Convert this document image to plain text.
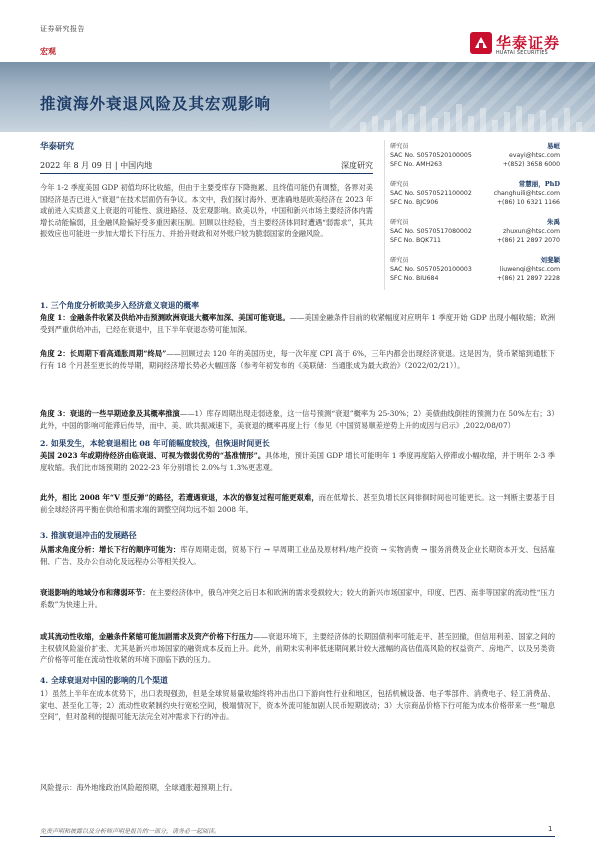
证券研究报告
华泰证券
HUATAI SECURITIES
宏观
推演海外衰退风险及其宏观影响
华泰研究
2022 年 8 月 09 日 | 中国内地	深度研究
今年 1-2 季度美国 GDP 初值均环比收缩，但由于主要受库存下降拖累、且终值可能仍有调整，各界对美国经济是否已进入“衰退”在技术层面仍有争议。本文中，我们探讨海外、更准确地是欧美经济在 2023 年或前进入实质意义上衰退的可能性、演进路径、及宏观影响。欧美以外，中国和新兴市场主要经济体内需增长动能偏弱，且金融风险偏好受多重因素压制。回顾以往经验，当主要经济体同时遭遇“弱需求”，其共振效应也可能进一步加大增长下行压力、并抬升财政和对外账户较为脆弱国家的金融风险。
研究员	易峘
SAC No. S0570520100005	evayi@htsc.com
SFC No. AMH263	+(852) 3658 6000
研究员	常慧丽，PhD
SAC No. S0570521100002	changhuili@htsc.com
SFC No. BJC906	+(86) 10 6321 1166
研究员	朱禹
SAC No. S0570517080002	zhuxun@htsc.com
SFC No. BQK711	+(86) 21 2897 2070
研究员	刘斐颖
SAC No. S0570520100003	liuwenqi@htsc.com
SFC No. BIU684	+(86) 21 2897 2228
1. 三个角度分析欧美步入经济意义衰退的概率
角度 1：金融条件收紧及供给冲击预测欧洲衰退大概率加深、美国可能衰退。——美国金融条件目前的收紧幅度对应明年 1 季度开始 GDP 出现小幅收缩；欧洲受到严重供给冲击，已经在衰退中，且下半年衰退态势可能加深。
角度 2：长周期下看高通胀周期“终局”——回顾过去 120 年的美国历史，每一次年度 CPI 高于 6%，三年内都会出现经济衰退。这是因为，货币紧缩到通胀下行有 18 个月甚至更长的传导期，期间经济增长势必大幅回落（参考年初发布的《美联储：当通胀成为最大政治》（2022/02/21））。
角度 3：衰退的一些早期迹象及其概率推演——1）库存周期出现走弱迹象，这一信号预测“衰退”概率为 25-30%；2）美债曲线倒挂的预测力在 50%左右；3）此外，中国的影响可能滞后传导，而中、美、欧共振减速下，美衰退的概率再度上行（参见《中国贸易顺差逆势上升的成因与启示》,2022/08/07）
2. 如果发生，本轮衰退相比 08 年可能幅度较浅，但恢退时间更长
美国 2023 年或期待经济由临衰退、可视为微弱优势的“基准情形”。具体地，预计美国 GDP 增长可能明年 1 季度再度陷入停滞或小幅收缩，并于明年 2-3 季度收缩。我们比市场预期的 2022-23 年分别增长 2.0%与 1.3%更悲观。
此外，相比 2008 年“V 型反弹”的路径，若遭遇衰退，本次的修复过程可能更艰难，而在低增长、甚至负增长区间徘徊时间也可能更长。这一判断主要基于目前全球经济再平衡在供给和需求端的调整空间均远不如 2008 年。
3. 推演衰退冲击的发展路径
从需求角度分析：增长下行的顺序可能为：库存周期走弱，贸易下行 → 早周期工业品及原材料/地产投资 → 实物消费 → 服务消费及企业长期资本开支、包括雇佣、广告、及办公自动化及远程办公等相关投入。
衰退影响的地域分布和薄弱环节：在主要经济体中，俄乌冲突之后日本和欧洲的需求受损较大；较大的新兴市场国家中，印度、巴西、南非等国家的流动性“压力系数”为快速上升。
或其流动性收缩，金融条件紧缩可能加剧需求及资产价格下行压力——衰退环境下，主要经济体的长期国债利率可能走平、甚至回撤，但信用利差、国家之间的主权债风险溢价扩张、尤其是新兴市场国家的融资成本反而上升。此外，前期未实利率低迷期间累计较大涨幅的高估值高风险的权益资产、房地产、以及另类资产价格等可能在流动性收紧的环境下面临下跌的压力。
4. 全球衰退对中国的影响的几个渠道
1）虽然上半年在成本优势下，出口表现强劲，但是全球贸易量收缩终将冲击出口下游向性行业和地区，包括机械设备、电子零部件、消费电子、轻工消费品、家电、甚至化工等；2）流动性收紧制约央行宽松空间，极端情况下，资本外流可能加剧人民币短期波动；3）大宗商品价格下行可能为成本价格带来一些“喘息空间”，但对盈利的提振可能无法完全对冲需求下行的冲击。
风险提示：海外地缘政治风险超预期，全球通胀超预期上行。
免责声明和披露以及分析师声明是报告的一部分，请务必一起阅读。	1
